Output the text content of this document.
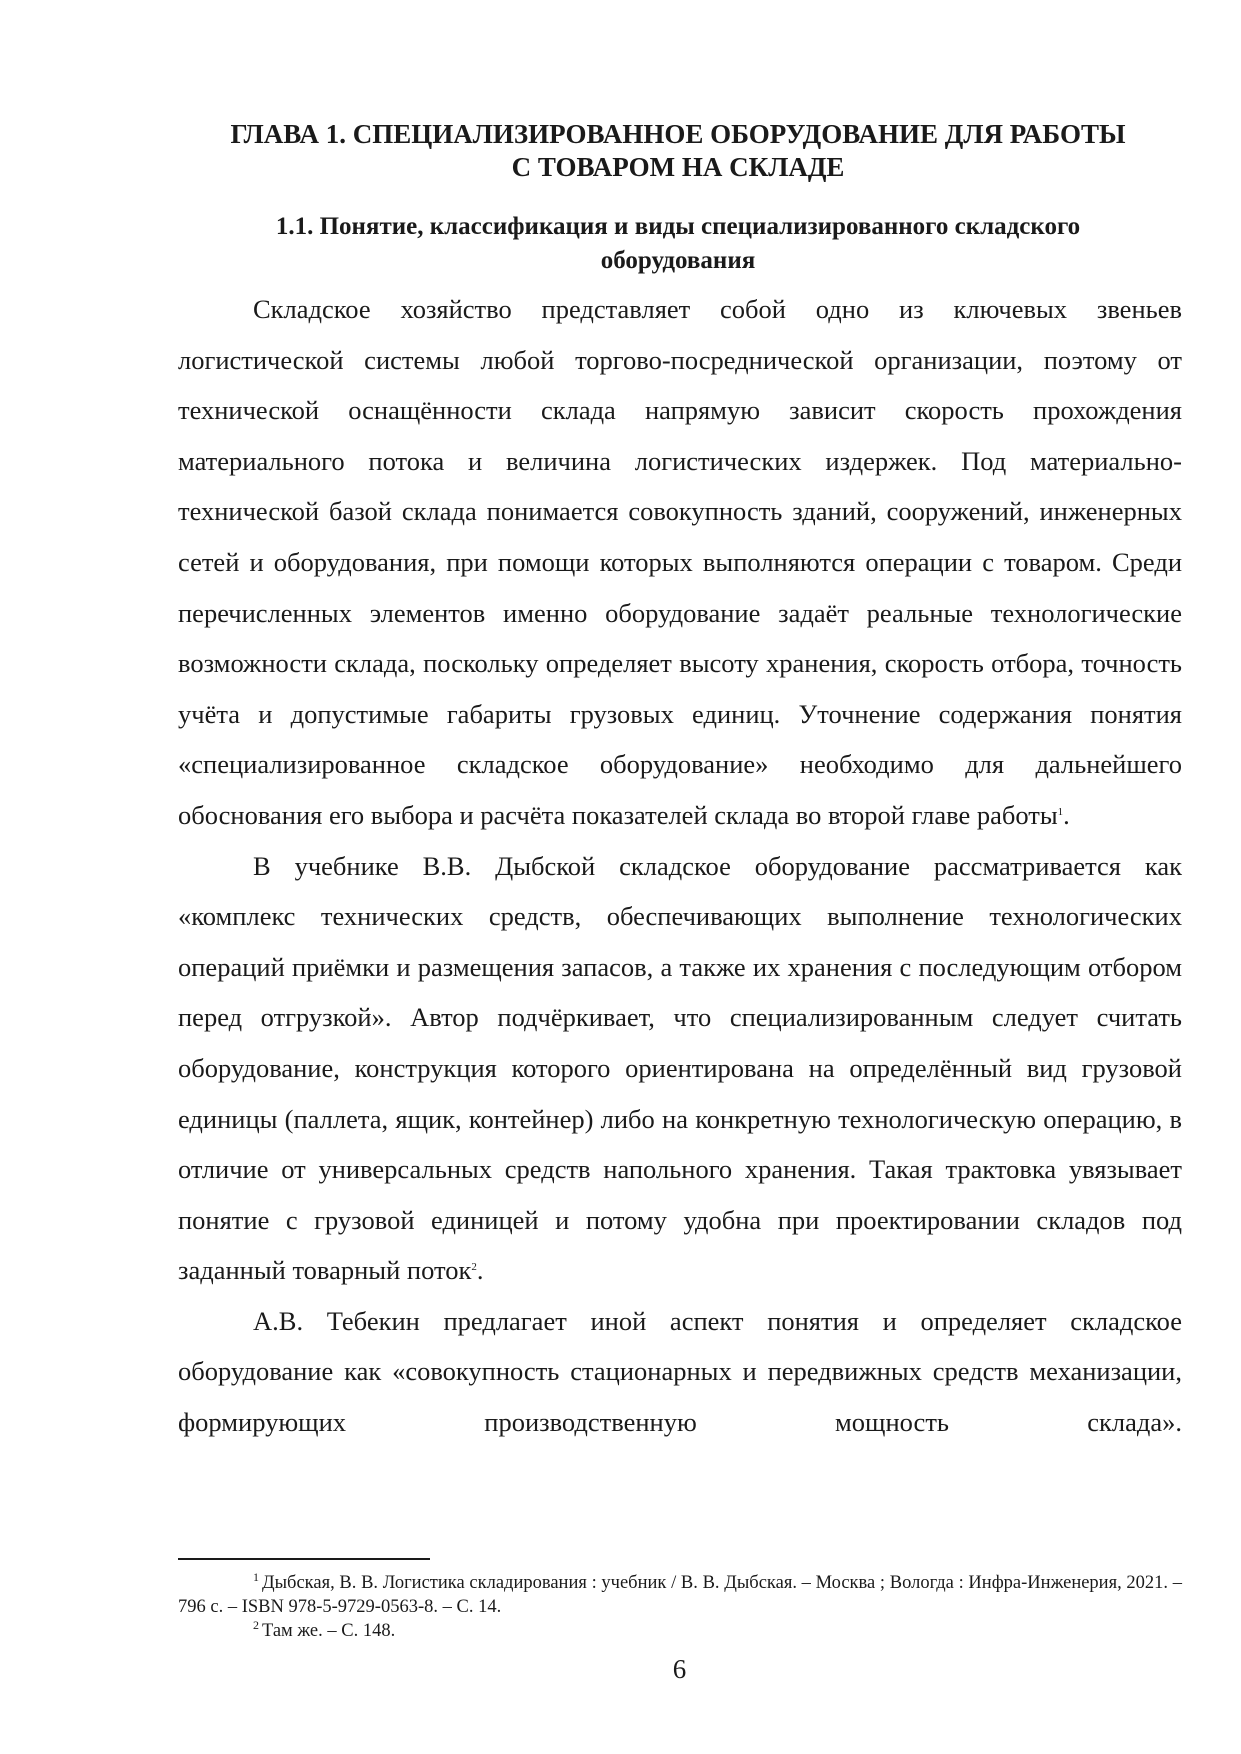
ГЛАВА 1. СПЕЦИАЛИЗИРОВАННОЕ ОБОРУДОВАНИЕ ДЛЯ РАБОТЫ
С ТОВАРОМ НА СКЛАДЕ
1.1. Понятие, классификация и виды специализированного складского
оборудования

Складское хозяйство представляет собой одно из ключевых звеньев логистической системы любой торгово-посреднической организации, поэтому от технической оснащённости склада напрямую зависит скорость прохождения материального потока и величина логистических издержек. Под материально-технической базой склада понимается совокупность зданий, сооружений, инженерных сетей и оборудования, при помощи которых выполняются операции с товаром. Среди перечисленных элементов именно оборудование задаёт реальные технологические возможности склада, поскольку определяет высоту хранения, скорость отбора, точность учёта и допустимые габариты грузовых единиц. Уточнение содержания понятия «специализированное складское оборудование» необходимо для дальнейшего обоснования его выбора и расчёта показателей склада во второй главе работы$^1$.

В учебнике В.В. Дыбской складское оборудование рассматривается как «комплекс технических средств, обеспечивающих выполнение технологических операций приёмки и размещения запасов, а также их хранения с последующим отбором перед отгрузкой». Автор подчёркивает, что специализированным следует считать оборудование, конструкция которого ориентирована на определённый вид грузовой единицы (паллета, ящик, контейнер) либо на конкретную технологическую операцию, в отличие от универсальных средств напольного хранения. Такая трактовка увязывает понятие с грузовой единицей и потому удобна при проектировании складов под заданный товарный поток$^2$.

А.В. Тебекин предлагает иной аспект понятия и определяет складское оборудование как «совокупность стационарных и передвижных средств механизации, формирующих производственную мощность склада».

$^1$ Дыбская, В. В. Логистика складирования : учебник / В. В. Дыбская. – Москва ; Вологда : Инфра-Инженерия, 2021. – 796 с. – ISBN 978-5-9729-0563-8. – С. 14.

$^2$ Там же. – С. 148.

6
